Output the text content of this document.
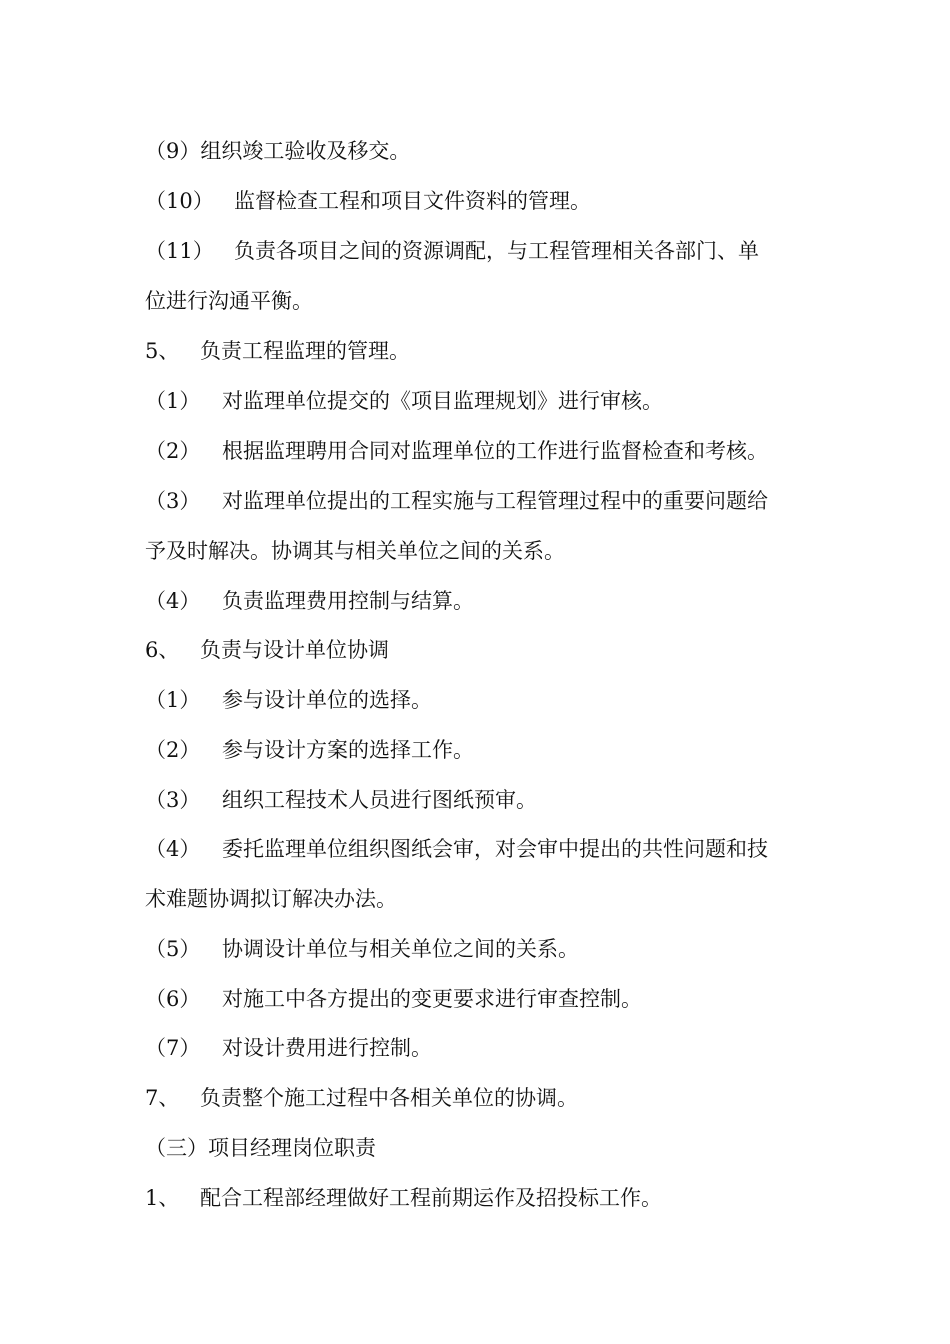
（9）组织竣工验收及移交。
（10） 监督检查工程和项目文件资料的管理。
（11） 负责各项目之间的资源调配，与工程管理相关各部门、单
位进行沟通平衡。
5、 负责工程监理的管理。
（1） 对监理单位提交的《项目监理规划》进行审核。
（2） 根据监理聘用合同对监理单位的工作进行监督检查和考核。
（3） 对监理单位提出的工程实施与工程管理过程中的重要问题给
予及时解决。协调其与相关单位之间的关系。
（4） 负责监理费用控制与结算。
6、 负责与设计单位协调
（1） 参与设计单位的选择。
（2） 参与设计方案的选择工作。
（3） 组织工程技术人员进行图纸预审。
（4） 委托监理单位组织图纸会审，对会审中提出的共性问题和技
术难题协调拟订解决办法。
（5） 协调设计单位与相关单位之间的关系。
（6） 对施工中各方提出的变更要求进行审查控制。
（7） 对设计费用进行控制。
7、 负责整个施工过程中各相关单位的协调。
（三）项目经理岗位职责
1、 配合工程部经理做好工程前期运作及招投标工作。
